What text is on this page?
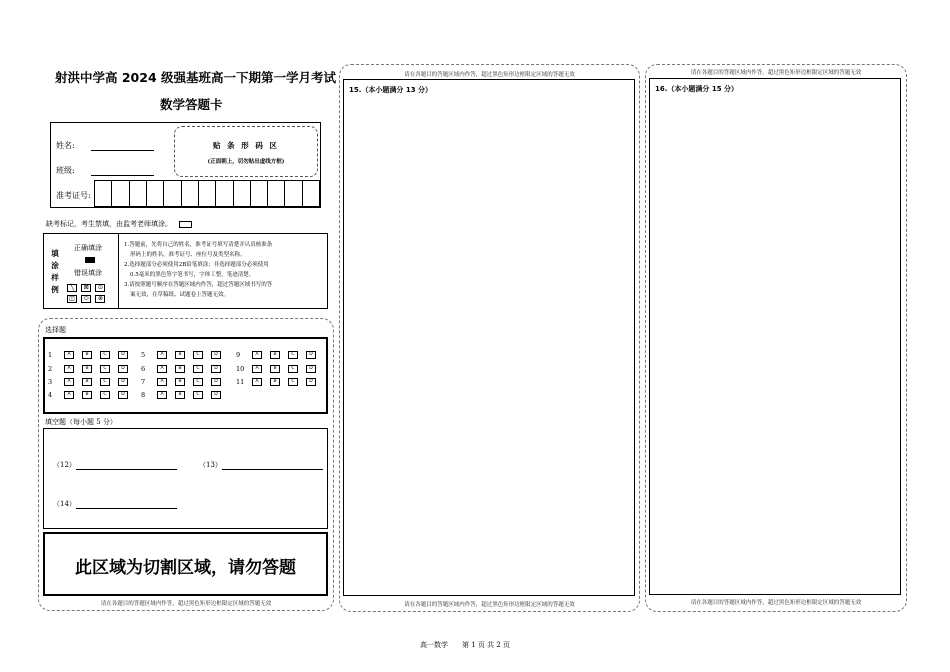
射洪中学高 2024 级强基班高一下期第一学月考试
数学答题卡
姓名:
班级:
准考证号:
贴 条 形 码 区
(正面朝上，切勿贴出虚线方框)
缺考标记，考生禁填，由监考老师填涂。
填涂样例
正确填涂
错误填涂
╲ ⊠ ⊙ ◫ ⬭ ⊗
1.答题前，先将自己的姓名，准考证号填写清楚并认真核准条
形码上的姓名，准考证号、座位号及类型名称。
2.选择题部分必须使用2B铅笔填涂；非选择题部分必须使用
0.5毫米的黑色签字笔书写，字体工整，笔迹清楚。
3.请按照题号顺序在答题区域内作答，超过答题区域书写的答
案无效，在草稿纸、试题卷上答题无效。
选择题
1	A	B	C	D
2	A	B	C	D
3	A	B	C	D
4	A	B	C	D
5	A	B	C	D
6	A	B	C	D
7	A	B	C	D
8	A	B	C	D
9	A	B	C	D
10	A	B	C	D
11	A	B	C	D
填空题（每小题 5 分）
（12）	（13）
（14）
此区域为切割区域，请勿答题
请在各题目的答题区域内作答，超过黑色矩形边框限定区域的答题无效
请在各题目的答题区域内作答，超过黑色矩形边框限定区域的答题无效
15.（本小题满分 13 分）
请在各题目的答题区域内作答，超过黑色矩形边框限定区域的答题无效
请在各题目的答题区域内作答，超过黑色矩形边框限定区域的答题无效
16.（本小题满分 15 分）
请在各题目的答题区域内作答，超过黑色矩形边框限定区域的答题无效
高一数学　　第 1 页 共 2 页
